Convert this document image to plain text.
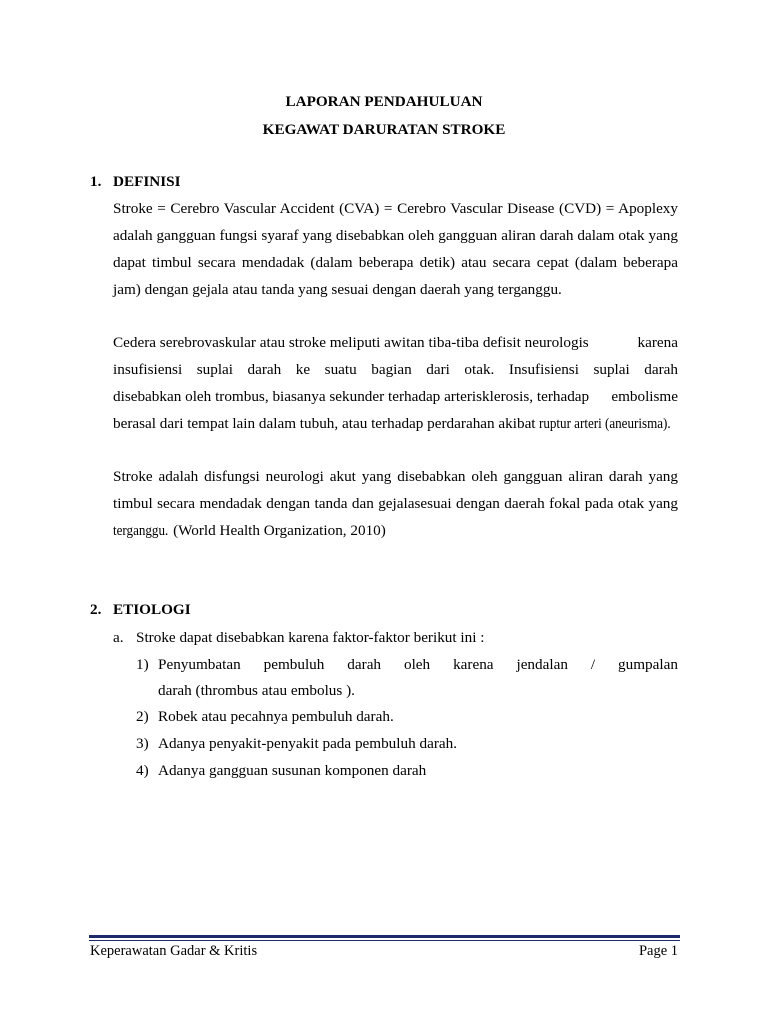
LAPORAN PENDAHULUAN
KEGAWAT DARURATAN STROKE
1. DEFINISI
Stroke = Cerebro Vascular Accident (CVA) = Cerebro Vascular Disease (CVD) = Apoplexy
adalah gangguan fungsi syaraf yang disebabkan oleh gangguan aliran darah dalam otak yang
dapat timbul secara mendadak (dalam beberapa detik) atau secara cepat (dalam beberapa
jam) dengan gejala atau tanda yang sesuai dengan daerah yang terganggu.
Cedera serebrovaskular atau stroke meliputi awitan tiba-tiba defisit neurologis	karena
insufisiensi suplai darah ke suatu bagian dari otak. Insufisiensi suplai darah
disebabkan oleh trombus, biasanya sekunder terhadap arterisklerosis, terhadap embolisme
berasal dari tempat lain dalam tubuh, atau terhadap perdarahan akibat ruptur arteri (aneurisma).
Stroke adalah disfungsi neurologi akut yang disebabkan oleh gangguan aliran darah yang
timbul secara mendadak dengan tanda dan gejalasesuai dengan daerah fokal pada otak yang
terganggu. (World Health Organization, 2010)
2. ETIOLOGI
a. Stroke dapat disebabkan karena faktor-faktor berikut ini :
1) Penyumbatan pembuluh darah oleh karena jendalan / gumpalan
darah (thrombus atau embolus ).
2) Robek atau pecahnya pembuluh darah.
3) Adanya penyakit-penyakit pada pembuluh darah.
4) Adanya gangguan susunan komponen darah
Keperawatan Gadar & Kritis	Page 1
